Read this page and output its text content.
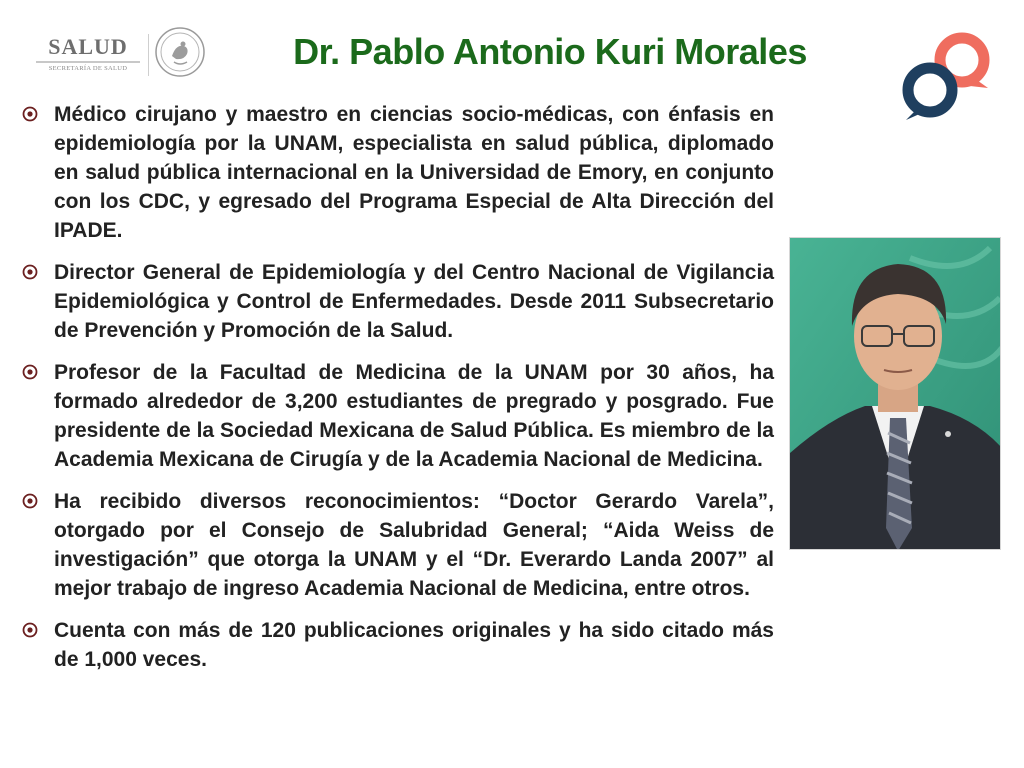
SALUD
SECRETARÍA DE SALUD	Dr. Pablo Antonio Kuri Morales
Médico cirujano y maestro en ciencias socio-médicas, con énfasis en epidemiología por la UNAM, especialista en salud pública, diplomado en salud pública internacional en la Universidad de Emory, en conjunto con los CDC, y egresado del Programa Especial de Alta Dirección del IPADE.
Director General de Epidemiología y del Centro Nacional de Vigilancia Epidemiológica y Control de Enfermedades. Desde 2011 Subsecretario de Prevención y Promoción de la Salud.
Profesor de la Facultad de Medicina de la UNAM por 30 años, ha formado alrededor de 3,200 estudiantes de pregrado y posgrado. Fue presidente de la Sociedad Mexicana de Salud Pública. Es miembro de la Academia Mexicana de Cirugía y de la Academia Nacional de Medicina.
Ha recibido diversos reconocimientos: “Doctor Gerardo Varela”, otorgado por el Consejo de Salubridad General; “Aida Weiss de investigación” que otorga la UNAM y el “Dr. Everardo Landa 2007” al mejor trabajo de ingreso Academia Nacional de Medicina, entre otros.
Cuenta con más de 120 publicaciones originales y ha sido citado más de 1,000 veces.
